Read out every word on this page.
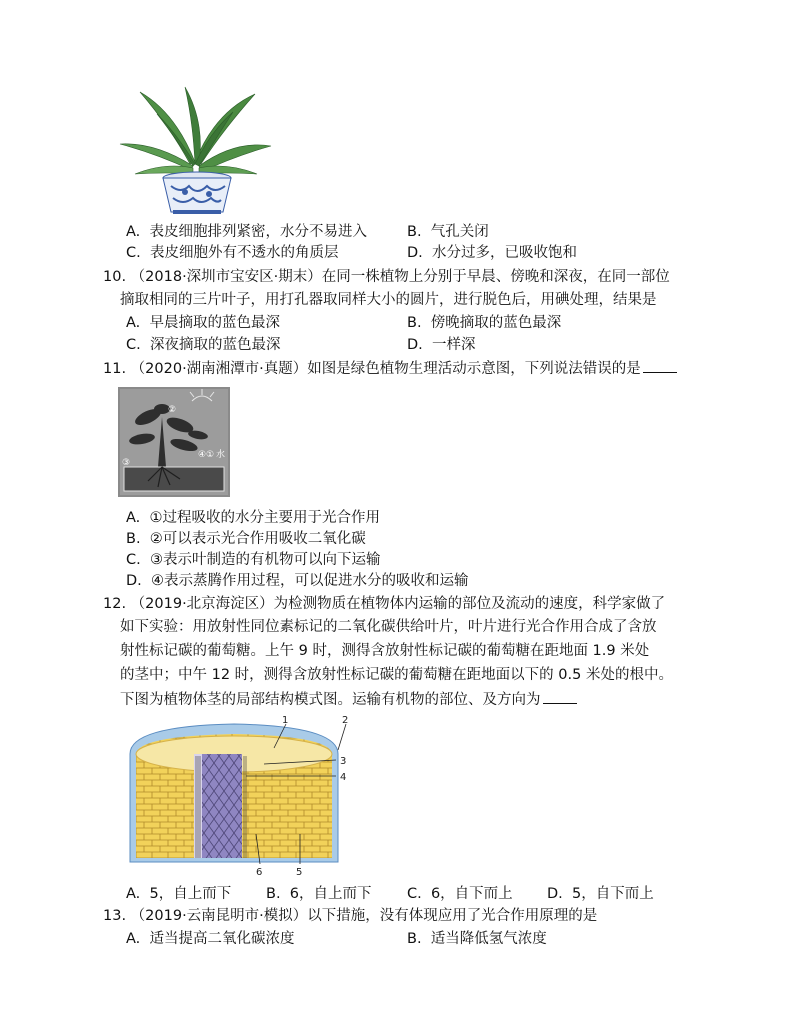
A. 表皮细胞排列紧密，水分不易进入	B. 气孔关闭
C. 表皮细胞外有不透水的角质层	D. 水分过多，已吸收饱和
10. （2018·深圳市宝安区·期末）在同一株植物上分别于早晨、傍晚和深夜，在同一部位
摘取相同的三片叶子，用打孔器取同样大小的圆片，进行脱色后，用碘处理，结果是
A. 早晨摘取的蓝色最深	B. 傍晚摘取的蓝色最深
C. 深夜摘取的蓝色最深	D. 一样深
11. （2020·湖南湘潭市·真题）如图是绿色植物生理活动示意图，下列说法错误的是
②
③
④ ① 水
A. ①过程吸收的水分主要用于光合作用
B. ②可以表示光合作用吸收二氧化碳
C. ③表示叶制造的有机物可以向下运输
D. ④表示蒸腾作用过程，可以促进水分的吸收和运输
12. （2019·北京海淀区）为检测物质在植物体内运输的部位及流动的速度，科学家做了
如下实验：用放射性同位素标记的二氧化碳供给叶片，叶片进行光合作用合成了含放
射性标记碳的葡萄糖。上午 9 时，测得含放射性标记碳的葡萄糖在距地面 1.9 米处
的茎中；中午 12 时，测得含放射性标记碳的葡萄糖在距地面以下的 0.5 米处的根中。
下图为植物体茎的局部结构模式图。运输有机物的部位、及方向为
1	2
3
4
5
6
A. 5，自上而下 B. 6，自上而下 C. 6，自下而上 D. 5，自下而上
13. （2019·云南昆明市·模拟）以下措施，没有体现应用了光合作用原理的是
A. 适当提高二氧化碳浓度	B. 适当降低氢气浓度
